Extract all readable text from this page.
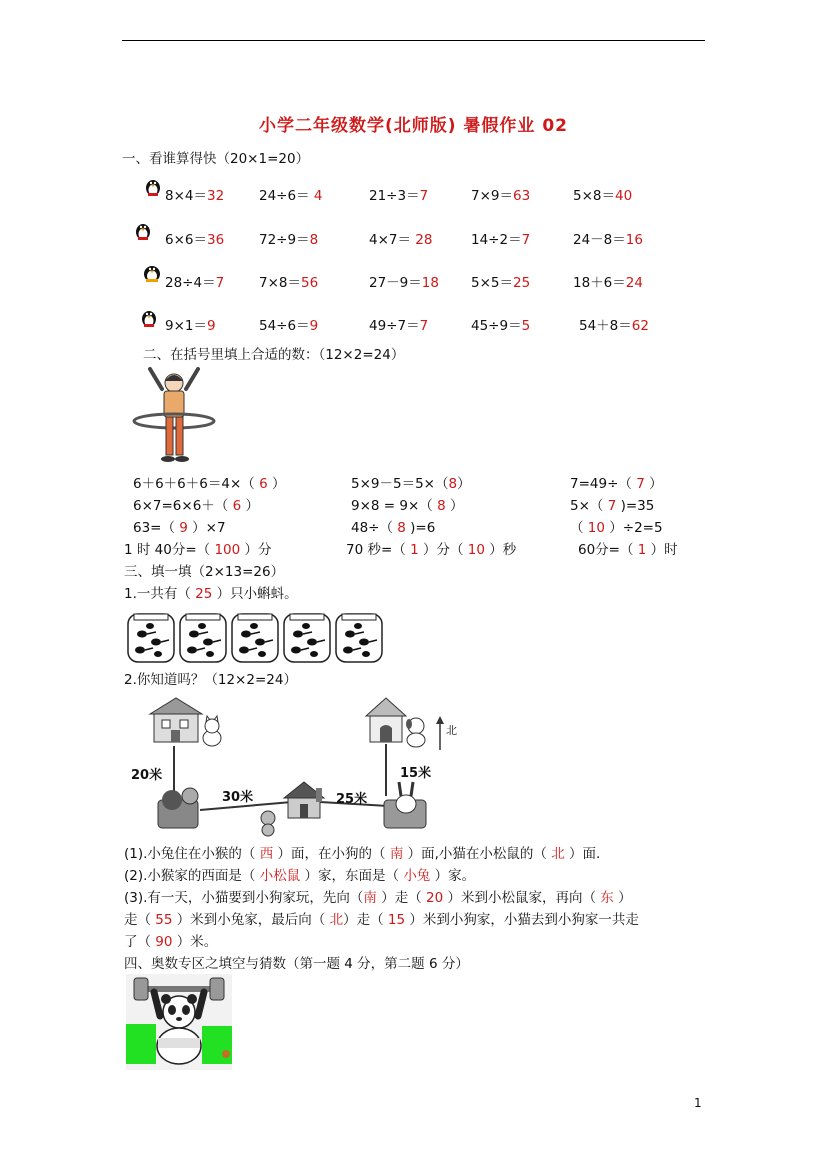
小学二年级数学(北师版) 暑假作业 02
一、看谁算得快（20×1=20）
8×4＝32	24÷6＝ 4	21÷3＝7	7×9＝63	5×8＝40
6×6＝36	72÷9＝8	4×7＝ 28	14÷2＝7	24－8＝16
28÷4＝7	7×8＝56	27－9＝18 5×5＝25	18＋6＝24
9×1＝9	54÷6＝9	49÷7＝7	45÷9＝5	54＋8＝62
二、在括号里填上合适的数：（12×2=24）
6＋6＋6＋6＝4×（ 6 ）	5×9－5＝5×（8）	7=49÷（ 7 ）
6×7=6×6＋（ 6 ）	9×8 = 9×（ 8 ）	5×（ 7 )=35
63=（ 9 ）×7	48÷（ 8 )=6	（ 10 ）÷2=5
1 时 40分=（ 100 ）分	70 秒=（ 1 ）分（ 10 ）秒	60分=（ 1 ）时
三、填一填（2×13=26）
1.一共有（ 25 ）只小蝌蚪。
2.你知道吗？（12×2=24）
北
20米
30米	25米
15米
(1).小兔住在小猴的（ 西 ）面，在小狗的（ 南 ）面,小猫在小松鼠的（ 北 ）面.
(2).小猴家的西面是（ 小松鼠 ）家，东面是（ 小兔 ）家。
(3).有一天，小猫要到小狗家玩，先向（南 ）走（ 20 ）米到小松鼠家，再向（ 东 ）
走（ 55 ）米到小兔家，最后向（ 北）走（ 15 ）米到小狗家，小猫去到小狗家一共走
了（ 90 ）米。
四、奥数专区之填空与猜数（第一题 4 分，第二题 6 分）
1
